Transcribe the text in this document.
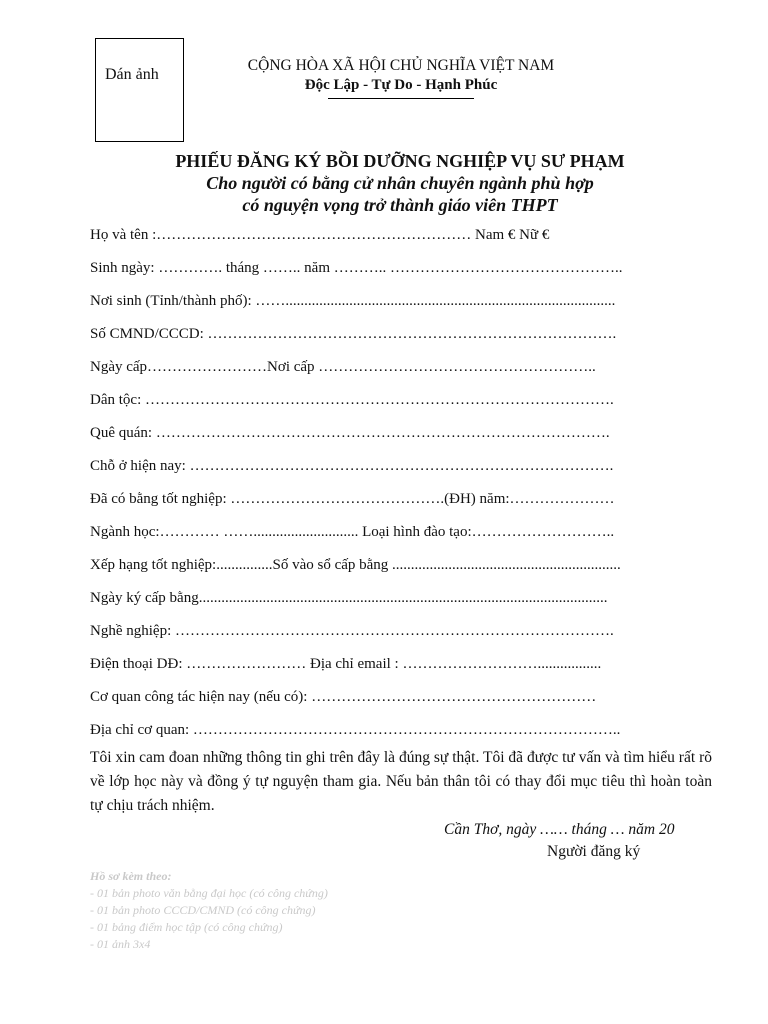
Dán ảnh
CỘNG HÒA XÃ HỘI CHỦ NGHĨA VIỆT NAM
Độc Lập - Tự Do - Hạnh Phúc
PHIẾU ĐĂNG KÝ BỒI DƯỠNG NGHIỆP VỤ SƯ PHẠM
Cho người có bằng cử nhân chuyên ngành phù hợp
có nguyện vọng trở thành giáo viên THPT
Họ và tên :……………………………………………………… Nam € Nữ €
Sinh ngày: …………. tháng …….. năm ……….. ………………………………………..
Nơi sinh (Tỉnh/thành phố): ……........................................................................................
Số CMND/CCCD: ……………………………………………………………………….
Ngày cấp……………………Nơi cấp ………………………………………………..
Dân tộc: ………………………………………………………………………………….
Quê quán: ……………………………………………………………………………….
Chỗ ở hiện nay: ………………………………………………………………………….
Đã có bằng tốt nghiệp: …………………………………….(ĐH) năm:…………………
Ngành học:………… ……............................ Loại hình đào tạo:………………………..
Xếp hạng tốt nghiệp:...............Số vào sổ cấp bằng .............................................................
Ngày ký cấp bằng.............................................................................................................
Nghề nghiệp: …………………………………………………………………………….
Điện thoại DĐ: …………………… Địa chỉ email : ……………………….................
Cơ quan công tác hiện nay (nếu có): …………………………………………………
Địa chỉ cơ quan: …………………………………………………………………………..
Tôi xin cam đoan những thông tin ghi trên đây là đúng sự thật. Tôi đã được tư vấn và tìm hiểu rất rõ về lớp học này và đồng ý tự nguyện tham gia. Nếu bản thân tôi có thay đổi mục tiêu thì hoàn toàn tự chịu trách nhiệm.
Cần Thơ, ngày …… tháng … năm 20
Người đăng ký
Hồ sơ kèm theo:
- 01 bản photo văn bằng đại học (có công chứng)
- 01 bản photo CCCD/CMND (có công chứng)
- 01 bảng điểm học tập (có công chứng)
- 01 ảnh 3x4
